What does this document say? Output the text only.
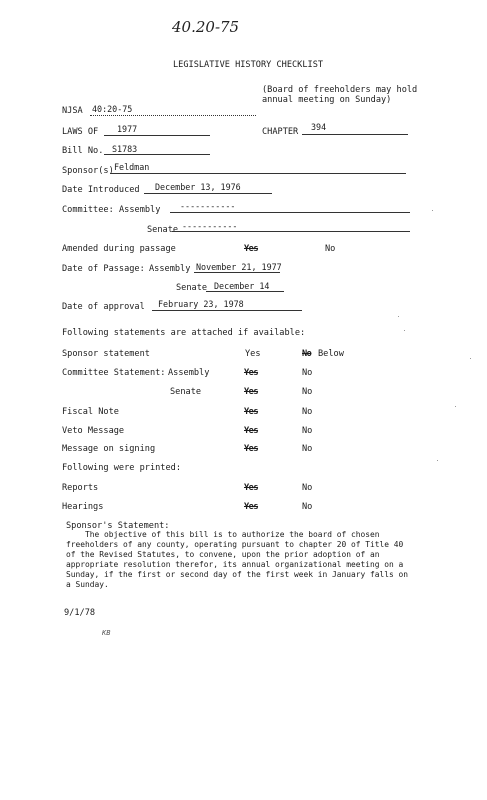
40.20-75
LEGISLATIVE HISTORY CHECKLIST
(Board of freeholders may hold
annual meeting on Sunday)
NJSA 40:20-75
LAWS OF 1977	CHAPTER 394
Bill No. S1783
Sponsor(s) Feldman
Date Introduced December 13, 1976
Committee: Assembly -----------
Senate -----------
Amended during passage	Yes	No
Date of Passage: Assembly November 21, 1977
Senate December 14
Date of approval February 23, 1978
Following statements are attached if available:
Sponsor statement	Yes	No Below
Committee Statement: Assembly	Yes	No
Senate	Yes	No
Fiscal Note	Yes	No
Veto Message	Yes	No
Message on signing	Yes	No
Following were printed:
Reports	Yes	No
Hearings	Yes	No
Sponsor's Statement:
The objective of this bill is to authorize the board of chosen
freeholders of any county, operating pursuant to chapter 20 of Title 40
of the Revised Statutes, to convene, upon the prior adoption of an
appropriate resolution therefor, its annual organizational meeting on a
Sunday, if the first or second day of the first week in January falls on
a Sunday.
9/1/78
KB
